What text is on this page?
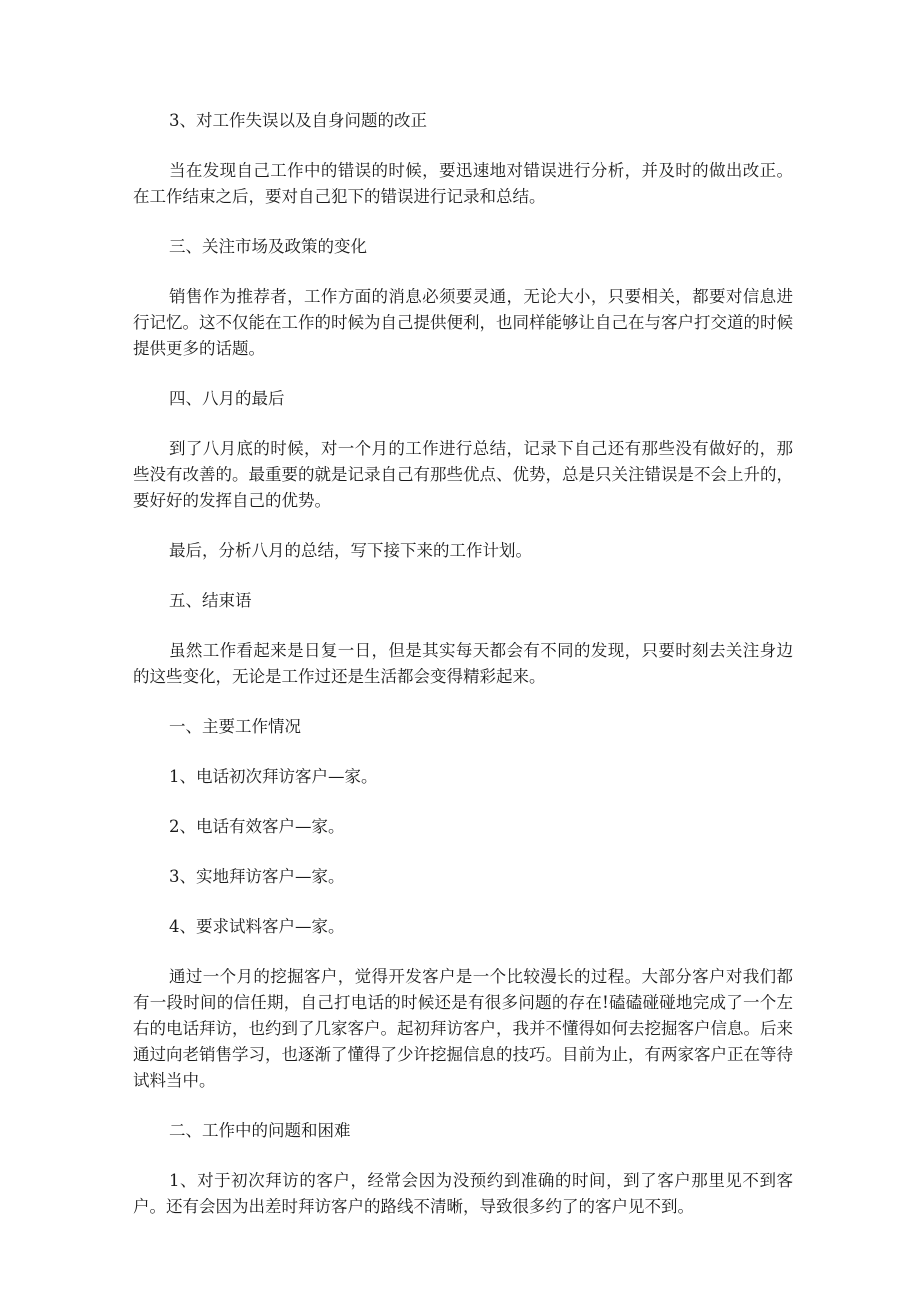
3、对工作失误以及自身问题的改正

当在发现自己工作中的错误的时候，要迅速地对错误进行分析，并及时的做出改正。在工作结束之后，要对自己犯下的错误进行记录和总结。

三、关注市场及政策的变化

销售作为推荐者，工作方面的消息必须要灵通，无论大小，只要相关，都要对信息进行记忆。这不仅能在工作的时候为自己提供便利，也同样能够让自己在与客户打交道的时候提供更多的话题。

四、八月的最后

到了八月底的时候，对一个月的工作进行总结，记录下自己还有那些没有做好的，那些没有改善的。最重要的就是记录自己有那些优点、优势，总是只关注错误是不会上升的，要好好的发挥自己的优势。

最后，分析八月的总结，写下接下来的工作计划。

五、结束语

虽然工作看起来是日复一日，但是其实每天都会有不同的发现，只要时刻去关注身边的这些变化，无论是工作过还是生活都会变得精彩起来。

一、主要工作情况

1、电话初次拜访客户—家。

2、电话有效客户—家。

3、实地拜访客户—家。

4、要求试料客户—家。

通过一个月的挖掘客户，觉得开发客户是一个比较漫长的过程。大部分客户对我们都有一段时间的信任期，自己打电话的时候还是有很多问题的存在!磕磕碰碰地完成了一个左右的电话拜访，也约到了几家客户。起初拜访客户，我并不懂得如何去挖掘客户信息。后来通过向老销售学习，也逐渐了懂得了少许挖掘信息的技巧。目前为止，有两家客户正在等待试料当中。

二、工作中的问题和困难

1、对于初次拜访的客户，经常会因为没预约到准确的时间，到了客户那里见不到客户。还有会因为出差时拜访客户的路线不清晰，导致很多约了的客户见不到。
